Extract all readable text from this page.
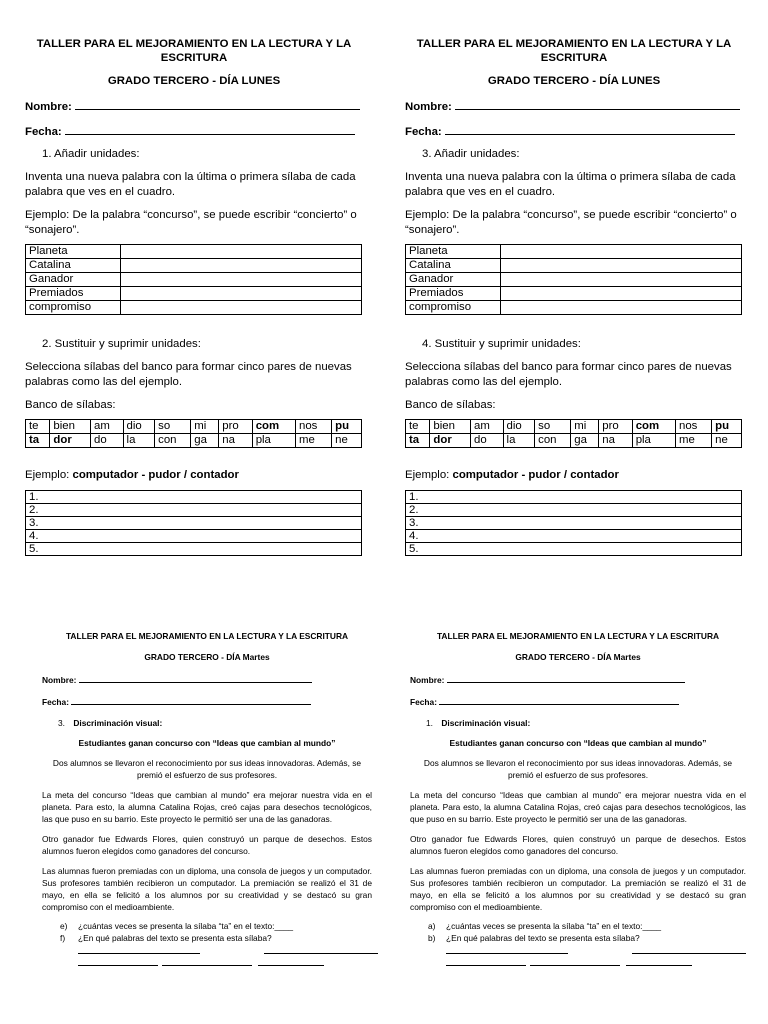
TALLER PARA EL MEJORAMIENTO EN LA LECTURA Y LA ESCRITURA
GRADO TERCERO - DÍA LUNES
Nombre:
Fecha:
1. Añadir unidades:
Inventa una nueva palabra con la última o primera sílaba de cada palabra que ves en el cuadro.
Ejemplo: De la palabra “concurso”, se puede escribir “concierto” o “sonajero”.
Planeta	
Catalina	
Ganador	
Premiados	
compromiso	
2. Sustituir y suprimir unidades:
Selecciona sílabas del banco para formar cinco pares de nuevas palabras como las del ejemplo.
Banco de sílabas:
te	bien	am	dio	so	mi	pro	com	nos	pu
ta	dor	do	la	con	ga	na	pla	me	ne
Ejemplo: computador - pudor / contador
1.
2.
3.
4.
5.
TALLER PARA EL MEJORAMIENTO EN LA LECTURA Y LA ESCRITURA
GRADO TERCERO - DÍA LUNES
Nombre:
Fecha:
3. Añadir unidades:
Inventa una nueva palabra con la última o primera sílaba de cada palabra que ves en el cuadro.
Ejemplo: De la palabra “concurso”, se puede escribir “concierto” o “sonajero”.
Planeta	
Catalina	
Ganador	
Premiados	
compromiso	
4. Sustituir y suprimir unidades:
Selecciona sílabas del banco para formar cinco pares de nuevas palabras como las del ejemplo.
Banco de sílabas:
te	bien	am	dio	so	mi	pro	com	nos	pu
ta	dor	do	la	con	ga	na	pla	me	ne
Ejemplo: computador - pudor / contador
1.
2.
3.
4.
5.
TALLER PARA EL MEJORAMIENTO EN LA LECTURA Y LA ESCRITURA
GRADO TERCERO - DÍA Martes
Nombre:
Fecha:
3. Discriminación visual:
Estudiantes ganan concurso con “Ideas que cambian al mundo”
Dos alumnos se llevaron el reconocimiento por sus ideas innovadoras. Además, se premió el esfuerzo de sus profesores.
La meta del concurso “Ideas que cambian al mundo” era mejorar nuestra vida en el planeta. Para esto, la alumna Catalina Rojas, creó cajas para desechos tecnológicos, las que puso en su barrio. Este proyecto le permitió ser una de las ganadoras.
Otro ganador fue Edwards Flores, quien construyó un parque de desechos. Estos alumnos fueron elegidos como ganadores del concurso.
Las alumnas fueron premiadas con un diploma, una consola de juegos y un computador. Sus profesores también recibieron un computador. La premiación se realizó el 31 de mayo, en ella se felicitó a los alumnos por su creatividad y se destacó su gran compromiso con el medioambiente.
e) ¿cuántas veces se presenta la sílaba “ta” en el texto:____
f) ¿En qué palabras del texto se presenta esta sílaba?
TALLER PARA EL MEJORAMIENTO EN LA LECTURA Y LA ESCRITURA
GRADO TERCERO - DÍA Martes
Nombre:
Fecha:
1. Discriminación visual:
Estudiantes ganan concurso con “Ideas que cambian al mundo”
Dos alumnos se llevaron el reconocimiento por sus ideas innovadoras. Además, se premió el esfuerzo de sus profesores.
La meta del concurso “Ideas que cambian al mundo” era mejorar nuestra vida en el planeta. Para esto, la alumna Catalina Rojas, creó cajas para desechos tecnológicos, las que puso en su barrio. Este proyecto le permitió ser una de las ganadoras.
Otro ganador fue Edwards Flores, quien construyó un parque de desechos. Estos alumnos fueron elegidos como ganadores del concurso.
Las alumnas fueron premiadas con un diploma, una consola de juegos y un computador. Sus profesores también recibieron un computador. La premiación se realizó el 31 de mayo, en ella se felicitó a los alumnos por su creatividad y se destacó su gran compromiso con el medioambiente.
a) ¿cuántas veces se presenta la sílaba “ta” en el texto:____
b) ¿En qué palabras del texto se presenta esta sílaba?
